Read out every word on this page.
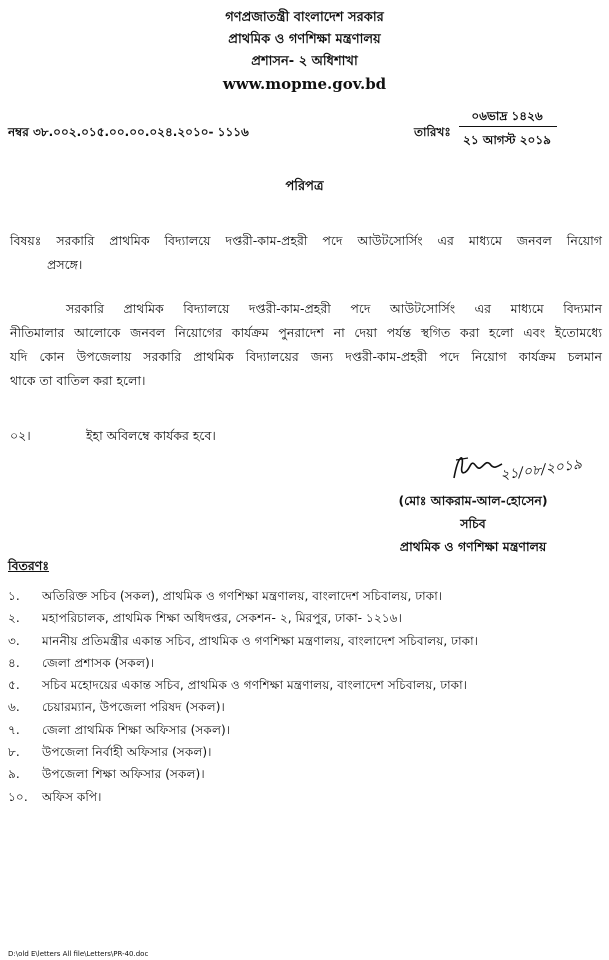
গণপ্রজাতন্ত্রী বাংলাদেশ সরকার
প্রাথমিক ও গণশিক্ষা মন্ত্রণালয়
প্রশাসন- ২ অধিশাখা
www.mopme.gov.bd
নম্বর ৩৮.০০২.০১৫.০০.০০.০২৪.২০১০- ১১১৬	তারিখঃ
০৬ভাদ্র ১৪২৬
২১ আগস্ট ২০১৯
পরিপত্র
বিষয়ঃ সরকারি প্রাথমিক বিদ্যালয়ে দপ্তরী-কাম-প্রহরী পদে আউটসোর্সিং এর মাধ্যমে জনবল নিয়োগ
প্রসঙ্গে।
সরকারি প্রাথমিক বিদ্যালয়ে দপ্তরী-কাম-প্রহরী পদে আউটসোর্সিং এর মাধ্যমে বিদ্যমান
নীতিমালার আলোকে জনবল নিয়োগের কার্যক্রম পুনরাদেশ না দেয়া পর্যন্ত স্থগিত করা হলো এবং ইতোমধ্যে
যদি কোন উপজেলায় সরকারি প্রাথমিক বিদ্যালয়ের জন্য দপ্তরী-কাম-প্রহরী পদে নিয়োগ কার্যক্রম চলমান
থাকে তা বাতিল করা হলো।
০২।	ইহা অবিলম্বে কার্যকর হবে।
২১/০৮/২০১৯
(মোঃ আকরাম-আল-হোসেন)
সচিব
প্রাথমিক ও গণশিক্ষা মন্ত্রণালয়
বিতরণঃ
১. অতিরিক্ত সচিব (সকল), প্রাথমিক ও গণশিক্ষা মন্ত্রণালয়, বাংলাদেশ সচিবালয়, ঢাকা।
২. মহাপরিচালক, প্রাথমিক শিক্ষা অধিদপ্তর, সেকশন- ২, মিরপুর, ঢাকা- ১২১৬।
৩. মাননীয় প্রতিমন্ত্রীর একান্ত সচিব, প্রাথমিক ও গণশিক্ষা মন্ত্রণালয়, বাংলাদেশ সচিবালয়, ঢাকা।
৪. জেলা প্রশাসক (সকল)।
৫. সচিব মহোদয়ের একান্ত সচিব, প্রাথমিক ও গণশিক্ষা মন্ত্রণালয়, বাংলাদেশ সচিবালয়, ঢাকা।
৬. চেয়ারম্যান, উপজেলা পরিষদ (সকল)।
৭. জেলা প্রাথমিক শিক্ষা অফিসার (সকল)।
৮. উপজেলা নির্বাহী অফিসার (সকল)।
৯. উপজেলা শিক্ষা অফিসার (সকল)।
১০. অফিস কপি।
D:\old E\letters All file\Letters\PR-40.doc
